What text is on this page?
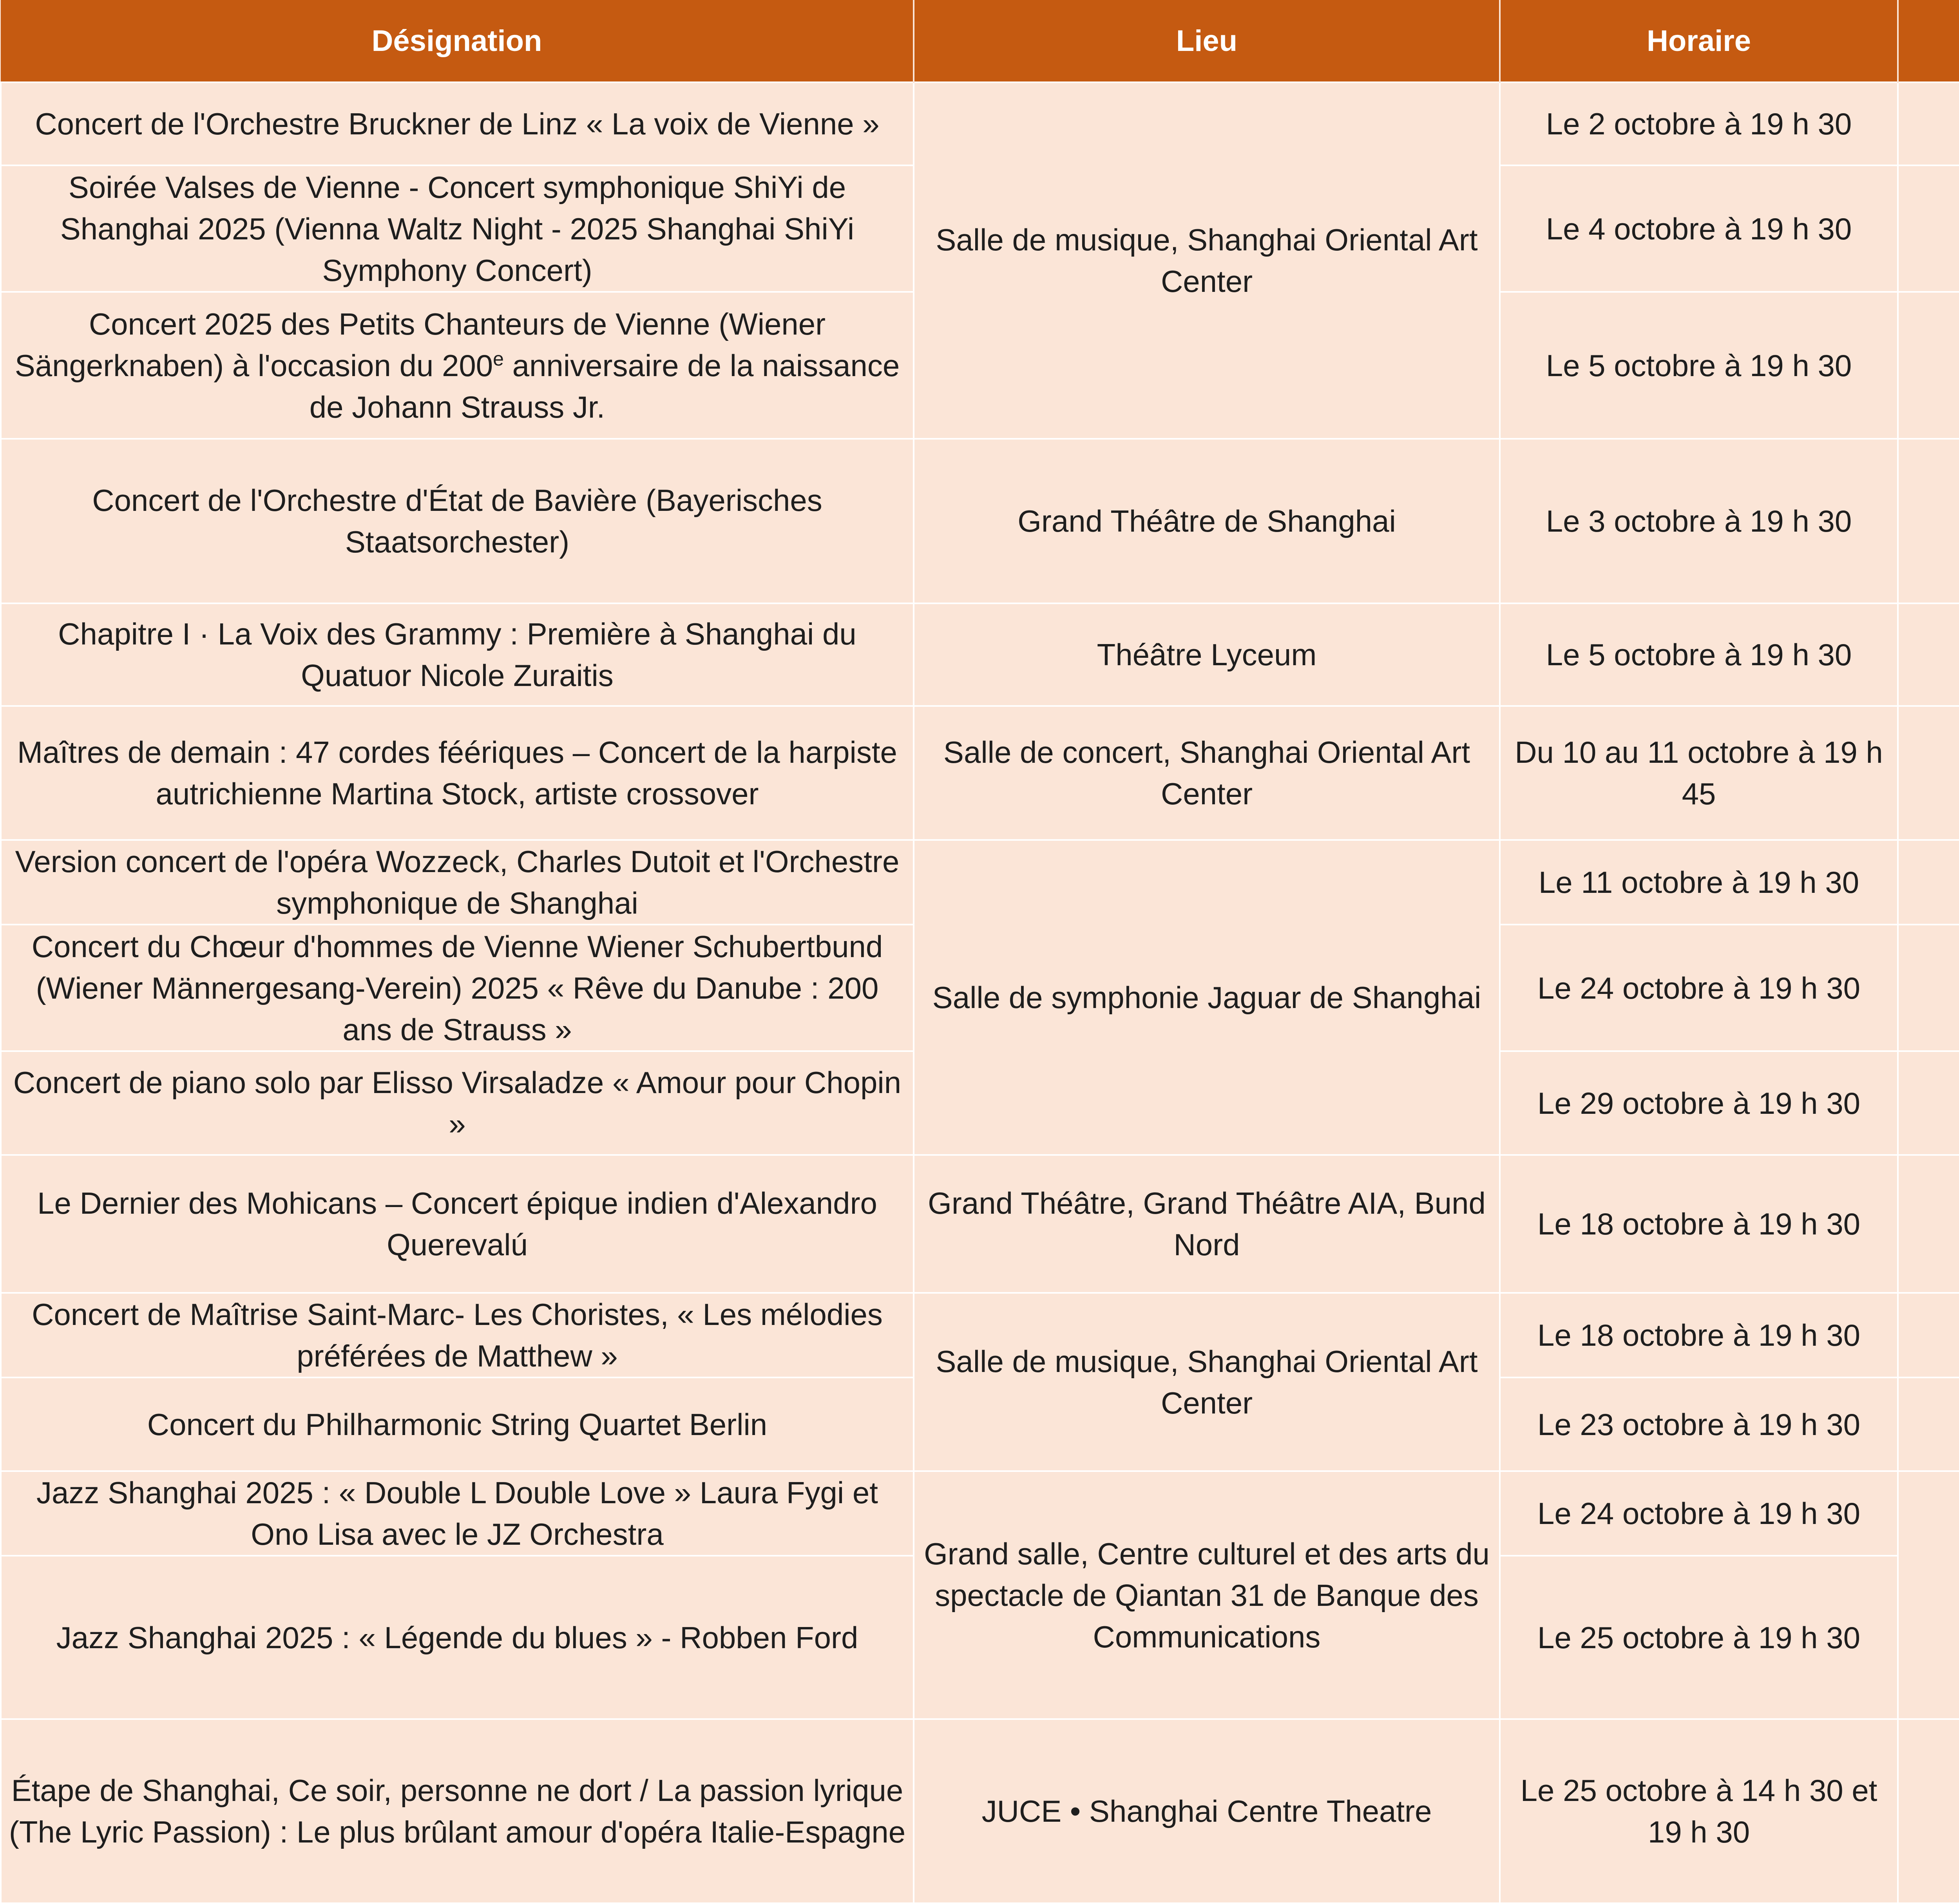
Désignation	Lieu	Horaire	
Concert de l'Orchestre Bruckner de Linz « La voix de Vienne »	Salle de musique, Shanghai Oriental Art Center	Le 2 octobre à 19 h 30	
Soirée Valses de Vienne - Concert symphonique ShiYi de Shanghai 2025 (Vienna Waltz Night - 2025 Shanghai ShiYi Symphony Concert)		Le 4 octobre à 19 h 30	
Concert 2025 des Petits Chanteurs de Vienne (Wiener Sängerknaben) à l'occasion du 200e anniversaire de la naissance de Johann Strauss Jr.		Le 5 octobre à 19 h 30	
Concert de l'Orchestre d'État de Bavière (Bayerisches Staatsorchester)	Grand Théâtre de Shanghai	Le 3 octobre à 19 h 30	
Chapitre I · La Voix des Grammy : Première à Shanghai du Quatuor Nicole Zuraitis	Théâtre Lyceum	Le 5 octobre à 19 h 30	
Maîtres de demain : 47 cordes féériques – Concert de la harpiste autrichienne Martina Stock, artiste crossover	Salle de concert, Shanghai Oriental Art Center	Du 10 au 11 octobre à 19 h 45	
Version concert de l'opéra Wozzeck, Charles Dutoit et l'Orchestre symphonique de Shanghai	Salle de symphonie Jaguar de Shanghai	Le 11 octobre à 19 h 30	
Concert du Chœur d'hommes de Vienne Wiener Schubertbund (Wiener Männergesang-Verein) 2025 « Rêve du Danube : 200 ans de Strauss »		Le 24 octobre à 19 h 30	
Concert de piano solo par Elisso Virsaladze « Amour pour Chopin »		Le 29 octobre à 19 h 30	
Le Dernier des Mohicans – Concert épique indien d'Alexandro Querevalú	Grand Théâtre, Grand Théâtre AIA, Bund Nord	Le 18 octobre à 19 h 30	
Concert de Maîtrise Saint-Marc- Les Choristes, « Les mélodies préférées de Matthew »	Salle de musique, Shanghai Oriental Art Center	Le 18 octobre à 19 h 30	
Concert du Philharmonic String Quartet Berlin		Le 23 octobre à 19 h 30	
Jazz Shanghai 2025 : « Double L Double Love » Laura Fygi et Ono Lisa avec le JZ Orchestra	Grand salle, Centre culturel et des arts du spectacle de Qiantan 31 de Banque des Communications	Le 24 octobre à 19 h 30	
Jazz Shanghai 2025 : « Légende du blues » - Robben Ford		Le 25 octobre à 19 h 30	
Étape de Shanghai, Ce soir, personne ne dort / La passion lyrique (The Lyric Passion) : Le plus brûlant amour d'opéra Italie-Espagne	JUCE • Shanghai Centre Theatre	Le 25 octobre à 14 h 30 et 19 h 30	
